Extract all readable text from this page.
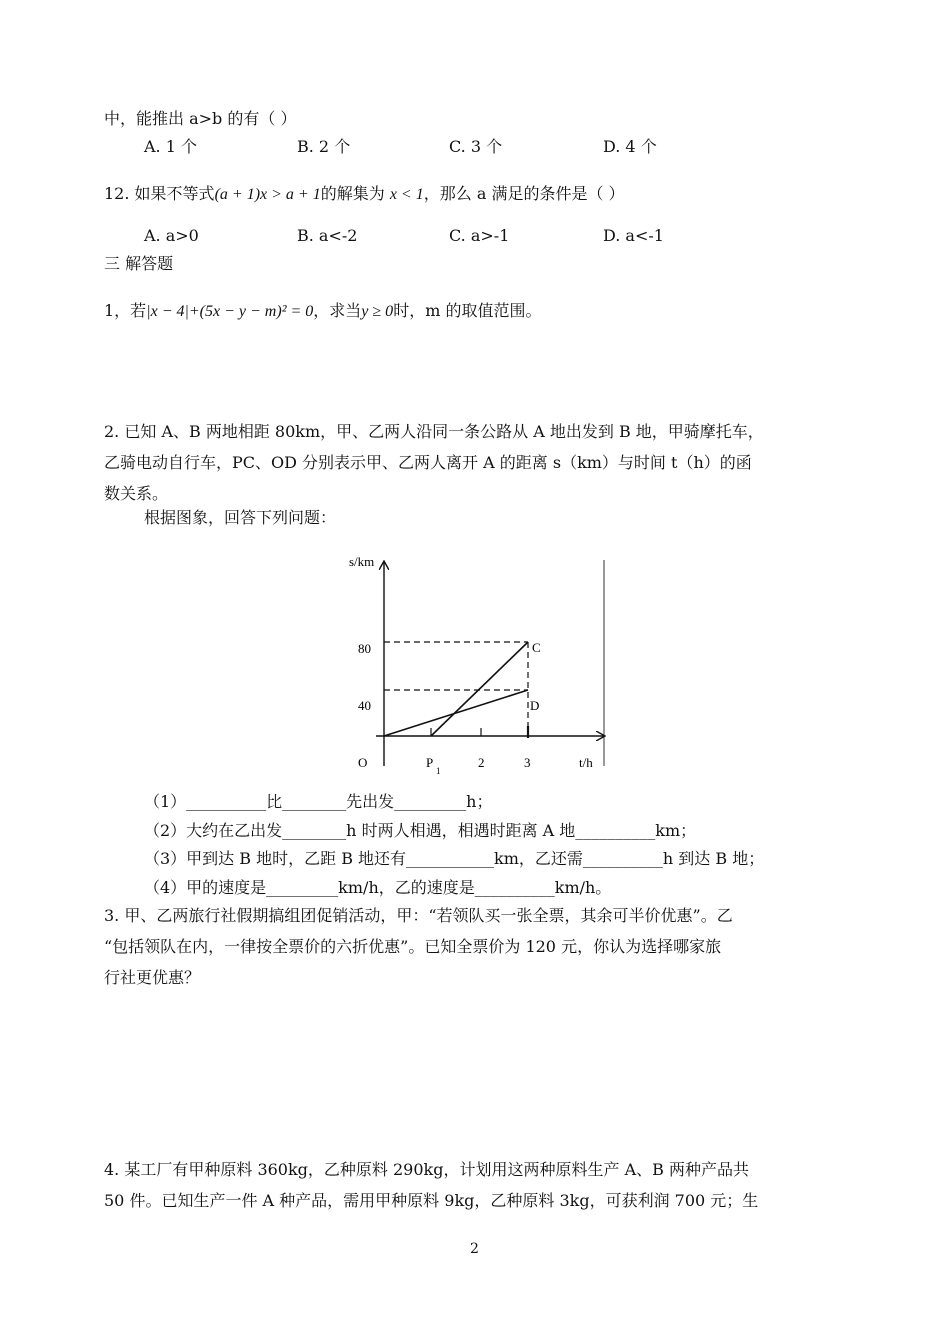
中，能推出 a>b 的有（ ）
A. 1 个	B. 2 个	C. 3 个	D. 4 个
12. 如果不等式(a + 1)x > a + 1的解集为 x < 1，那么 a 满足的条件是（ ）
A. a>0	B. a<-2	C. a>-1	D. a<-1
三 解答题
1，若|x − 4|+(5x − y − m)² = 0，求当y ≥ 0时，m 的取值范围。
2. 已知 A、B 两地相距 80km，甲、乙两人沿同一条公路从 A 地出发到 B 地，甲骑摩托车，
乙骑电动自行车，PC、OD 分别表示甲、乙两人离开 A 的距离 s（km）与时间 t（h）的函
数关系。
根据图象，回答下列问题：
s/km
80
40
C
D
O	P
1
2	3	t/h
（1）__________比________先出发_________h；
（2）大约在乙出发________h 时两人相遇，相遇时距离 A 地__________km；
（3）甲到达 B 地时，乙距 B 地还有___________km，乙还需__________h 到达 B 地；
（4）甲的速度是_________km/h，乙的速度是__________km/h。
3. 甲、乙两旅行社假期搞组团促销活动，甲：“若领队买一张全票，其余可半价优惠”。乙
“包括领队在内，一律按全票价的六折优惠”。已知全票价为 120 元，你认为选择哪家旅
行社更优惠？
4. 某工厂有甲种原料 360kg，乙种原料 290kg，计划用这两种原料生产 A、B 两种产品共
50 件。已知生产一件 A 种产品，需用甲种原料 9kg，乙种原料 3kg，可获利润 700 元；生
2
